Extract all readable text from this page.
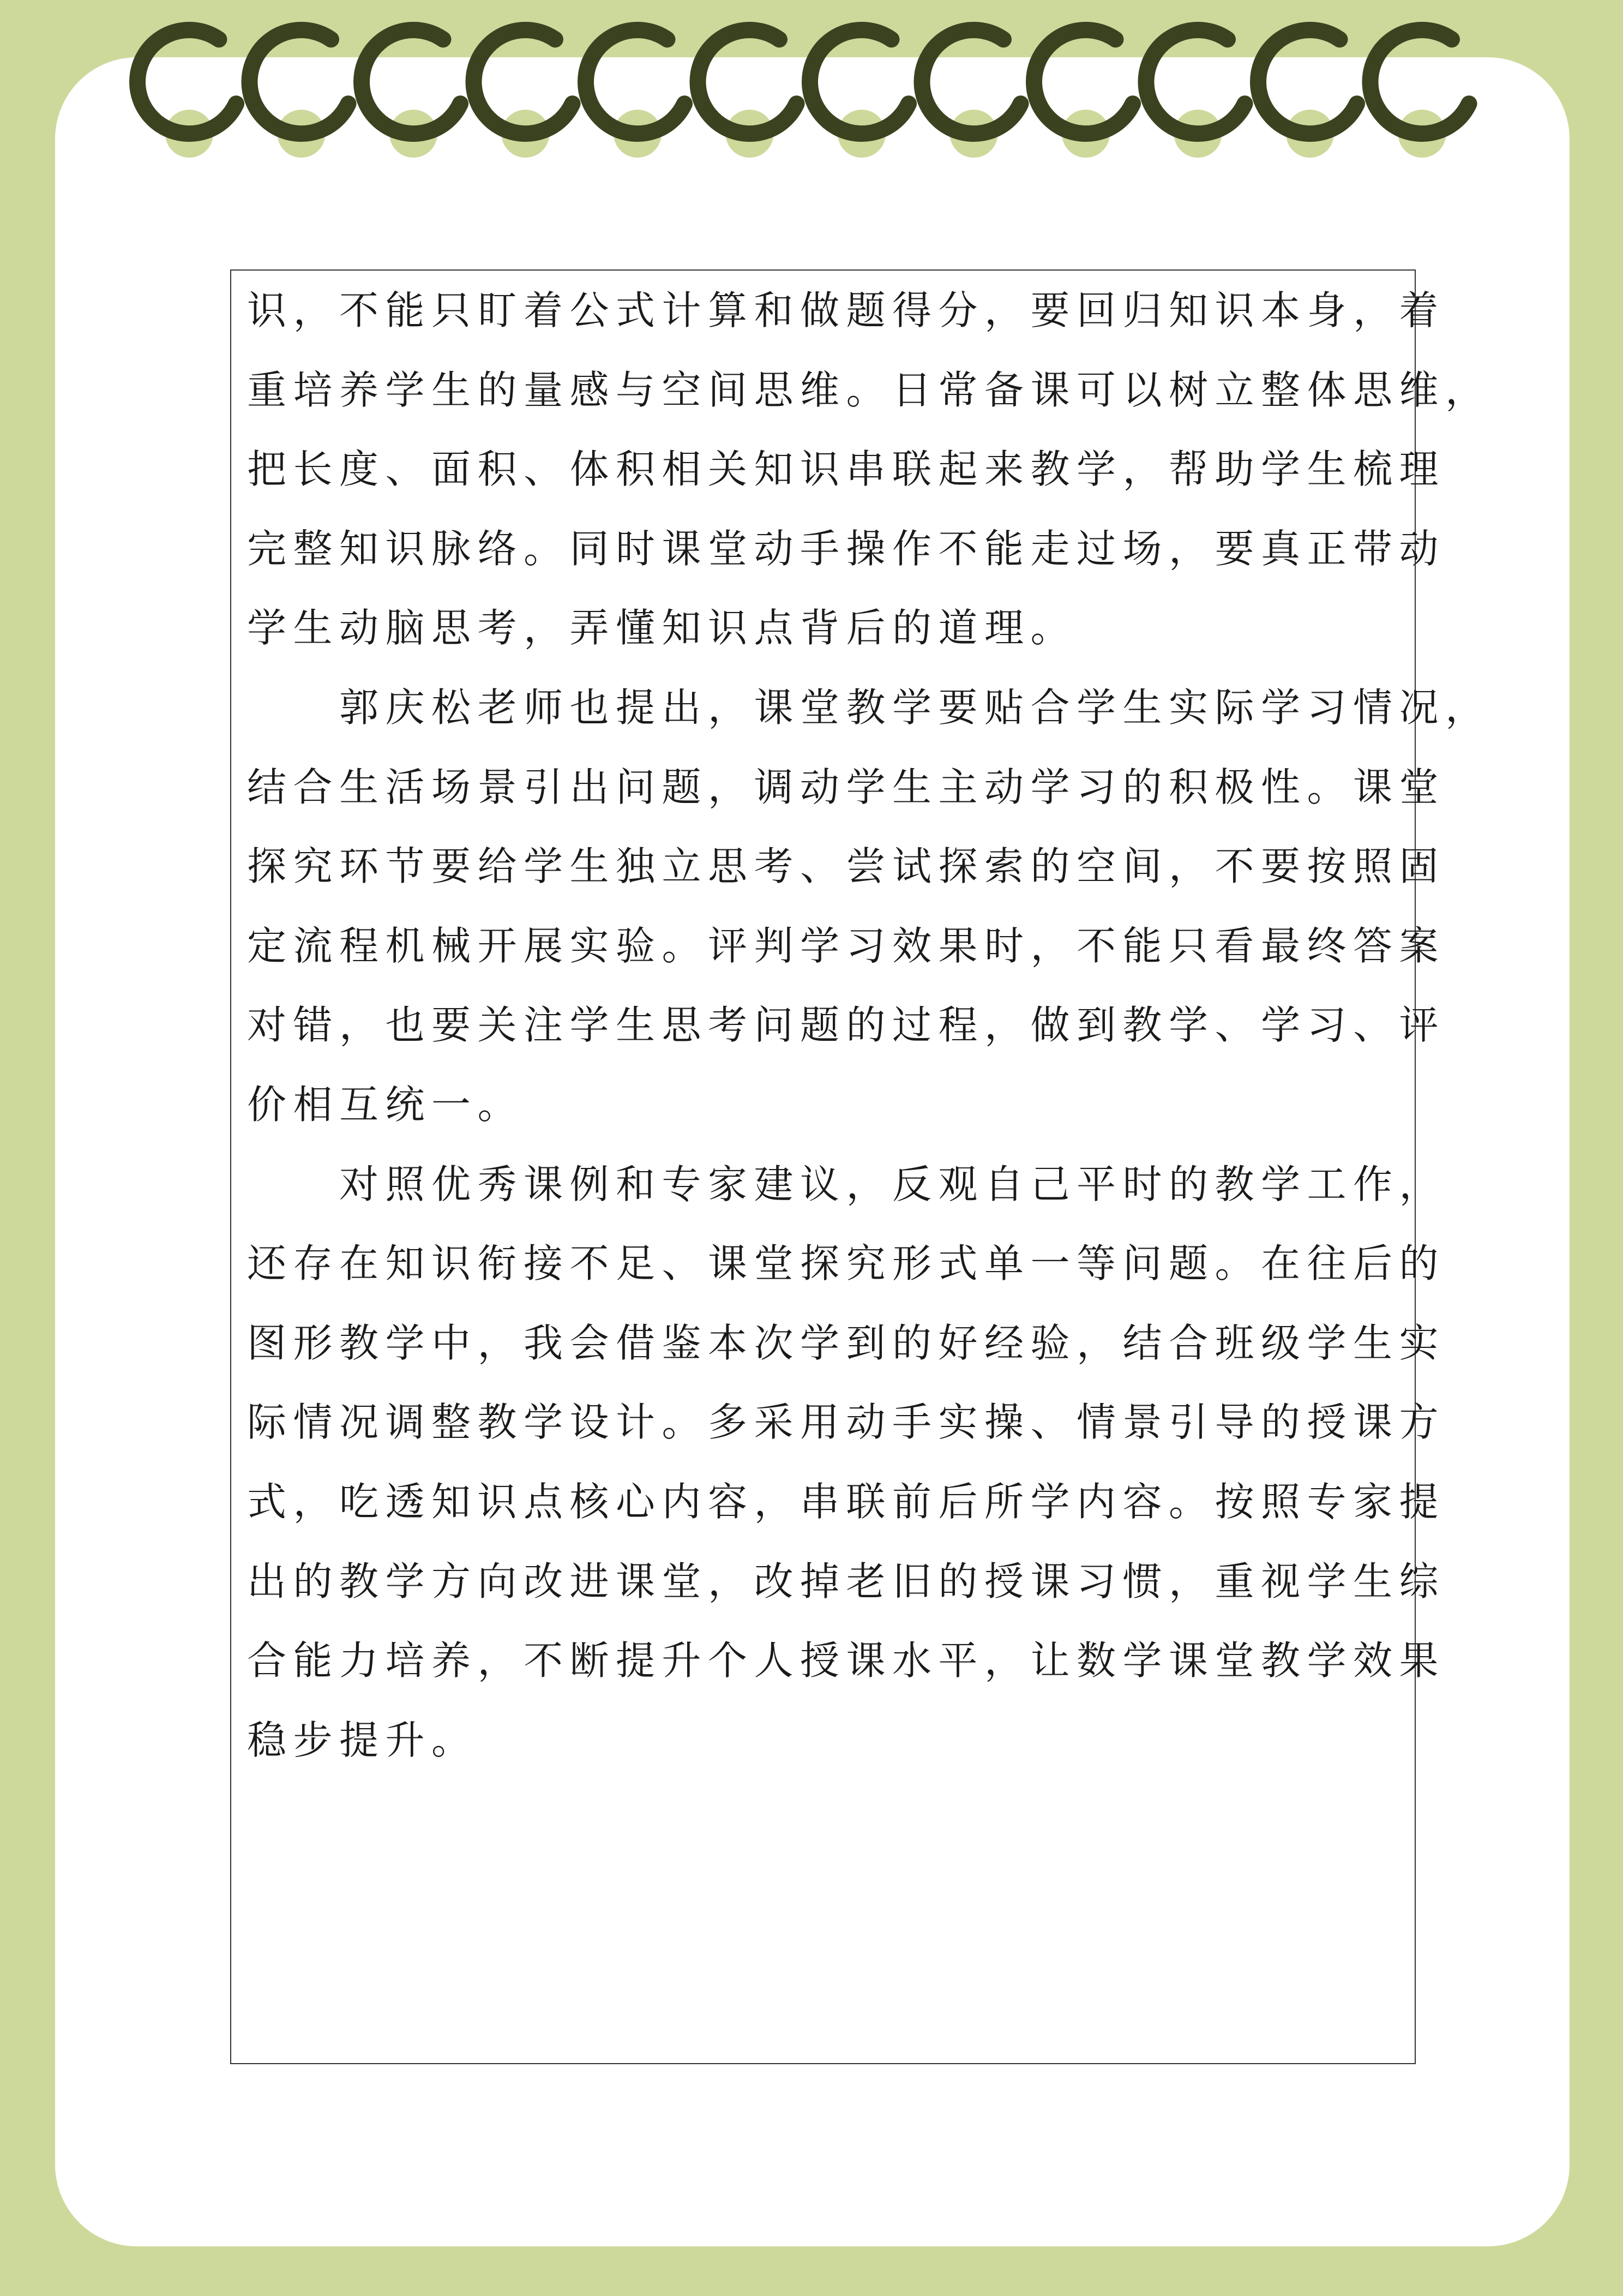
识，不能只盯着公式计算和做题得分，要回归知识本身，着

重培养学生的量感与空间思维。日常备课可以树立整体思维，

把长度、面积、体积相关知识串联起来教学，帮助学生梳理

完整知识脉络。同时课堂动手操作不能走过场，要真正带动

学生动脑思考，弄懂知识点背后的道理。

　　郭庆松老师也提出，课堂教学要贴合学生实际学习情况，

结合生活场景引出问题，调动学生主动学习的积极性。课堂

探究环节要给学生独立思考、尝试探索的空间，不要按照固

定流程机械开展实验。评判学习效果时，不能只看最终答案

对错，也要关注学生思考问题的过程，做到教学、学习、评

价相互统一。

　　对照优秀课例和专家建议，反观自己平时的教学工作，

还存在知识衔接不足、课堂探究形式单一等问题。在往后的

图形教学中，我会借鉴本次学到的好经验，结合班级学生实

际情况调整教学设计。多采用动手实操、情景引导的授课方

式，吃透知识点核心内容，串联前后所学内容。按照专家提

出的教学方向改进课堂，改掉老旧的授课习惯，重视学生综

合能力培养，不断提升个人授课水平，让数学课堂教学效果

稳步提升。
